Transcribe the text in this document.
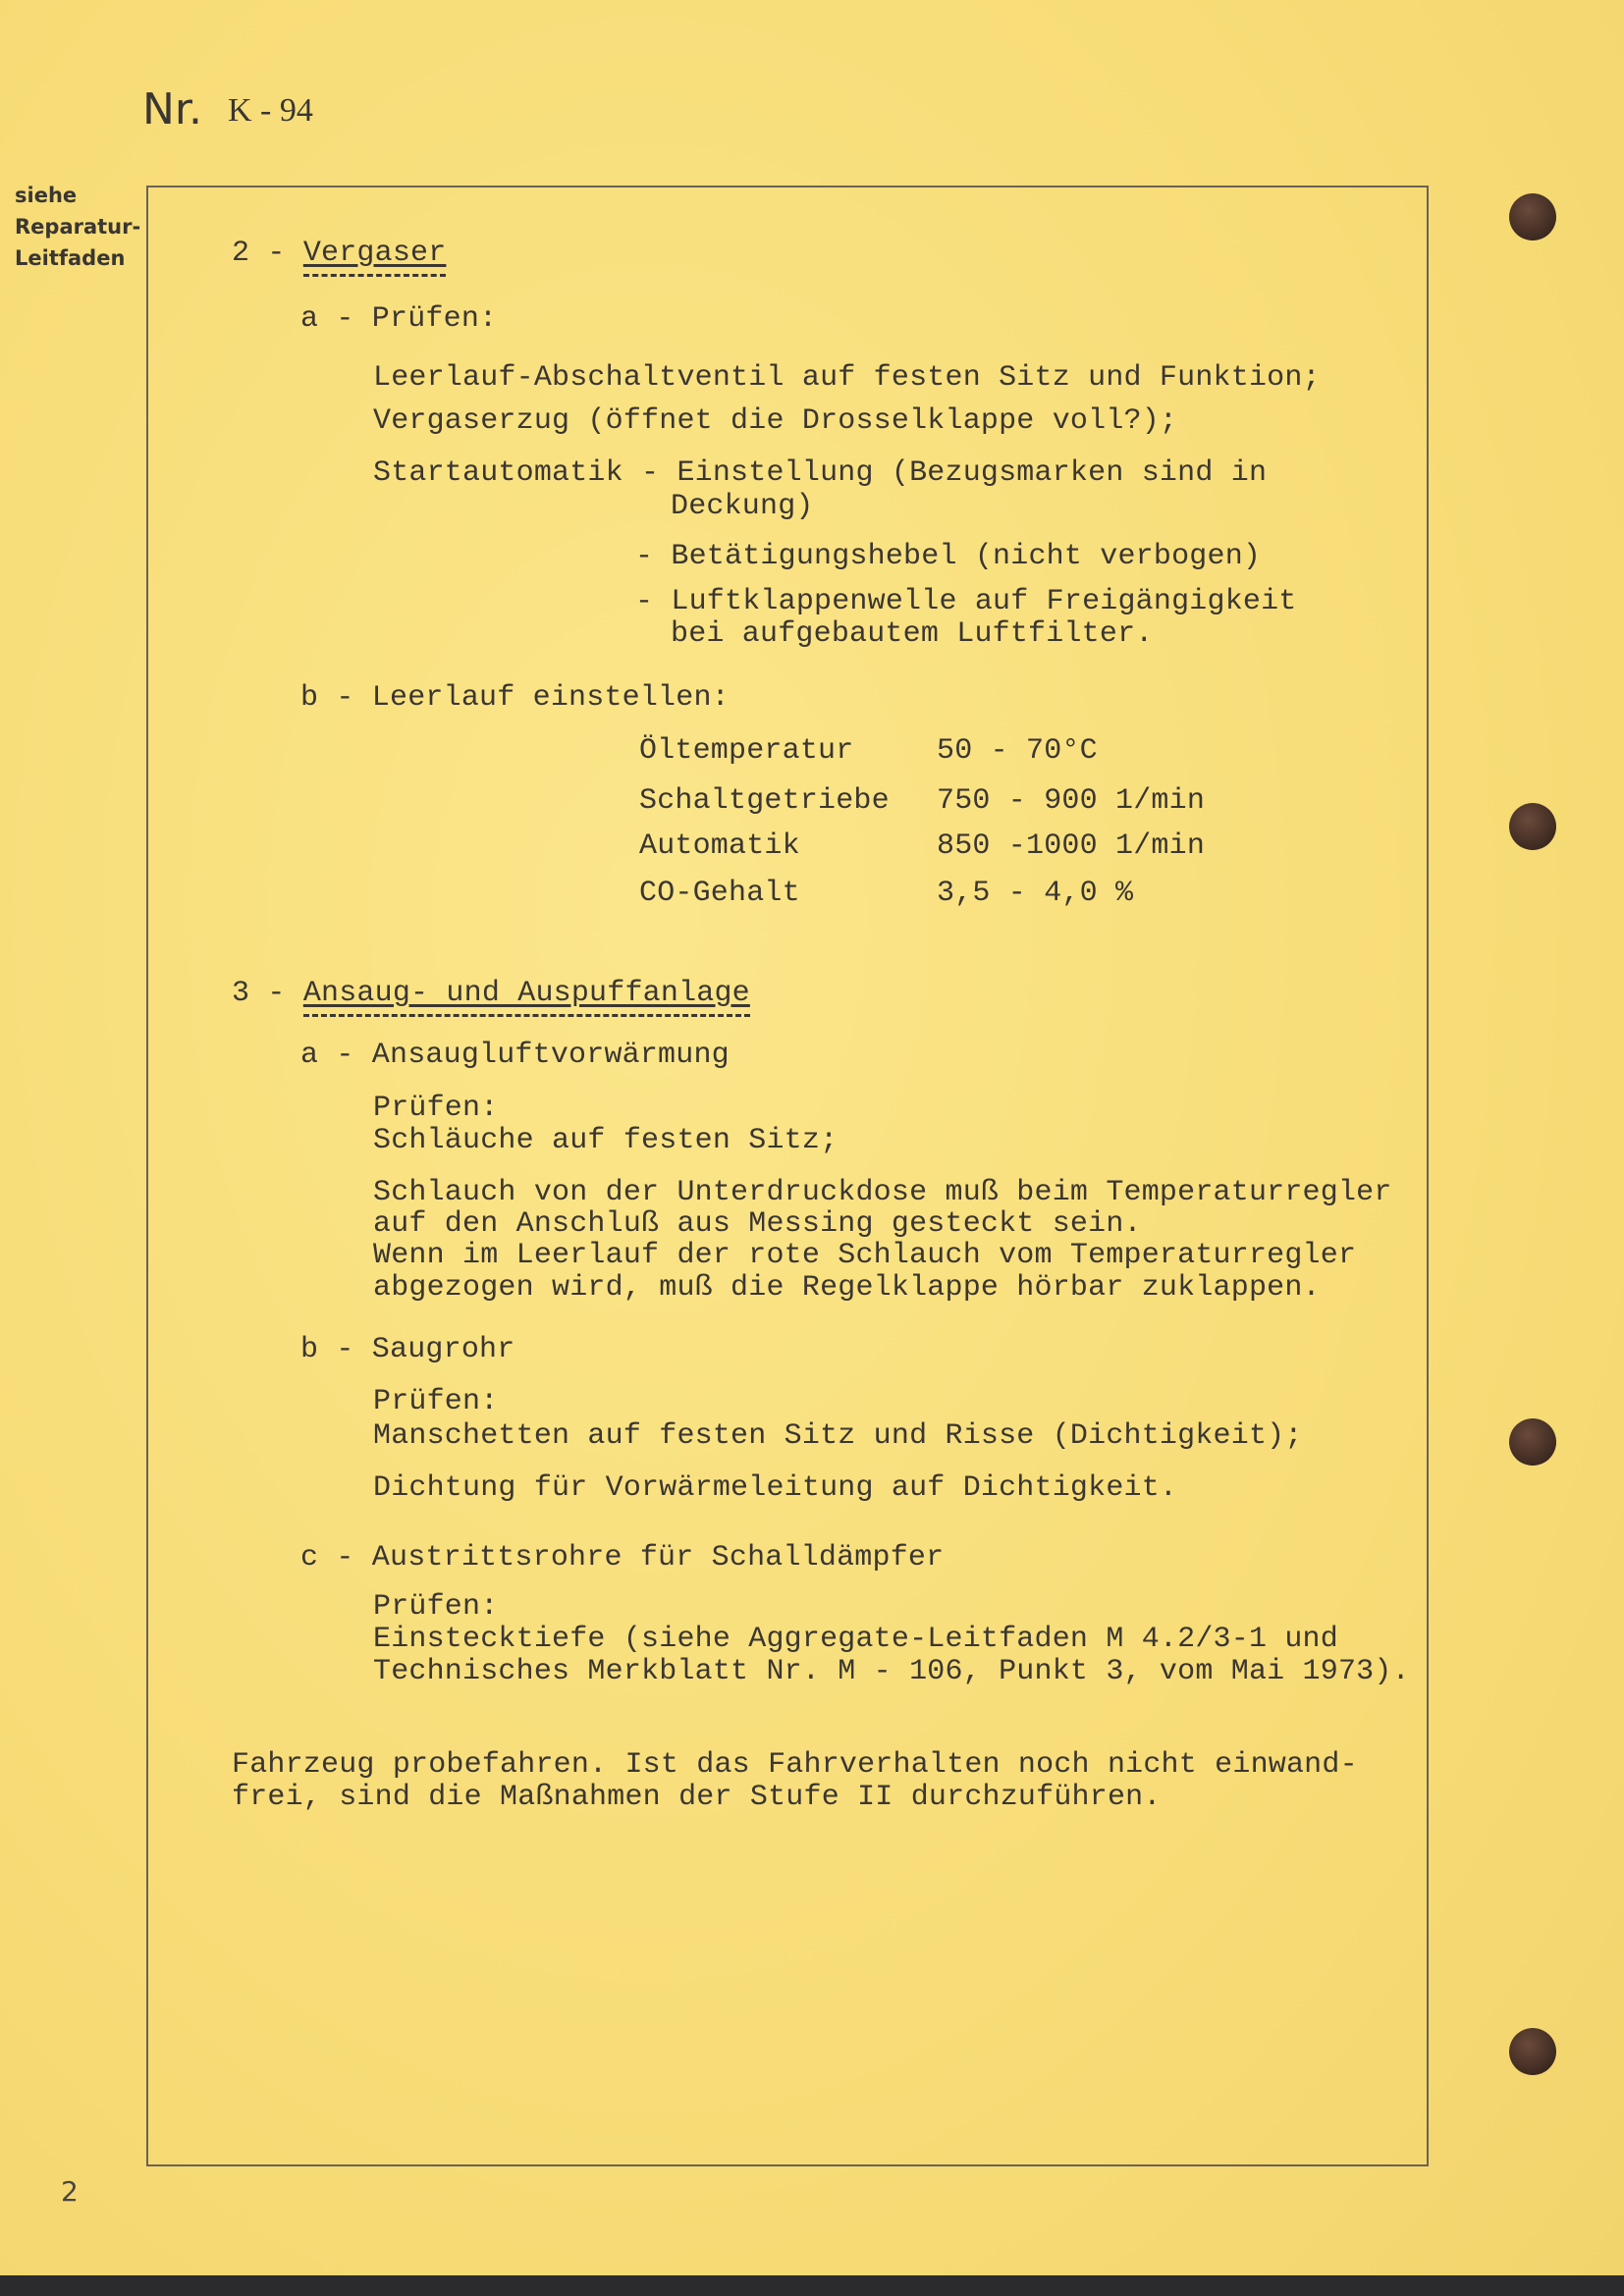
Nr. K - 94
siehe
Reparatur-
Leitfaden	2 - Vergaser
a - Prüfen:
Leerlauf-Abschaltventil auf festen Sitz und Funktion;
Vergaserzug (öffnet die Drosselklappe voll?);
Startautomatik - Einstellung (Bezugsmarken sind in
Deckung)
- Betätigungshebel (nicht verbogen)
- Luftklappenwelle auf Freigängigkeit
bei aufgebautem Luftfilter.
b - Leerlauf einstellen:
Öltemperatur	50 - 70°C
Schaltgetriebe 750 - 900 1/min
Automatik	850 -1000 1/min
CO-Gehalt	3,5 - 4,0 %
3 - Ansaug- und Auspuffanlage
a - Ansaugluftvorwärmung
Prüfen:
Schläuche auf festen Sitz;
Schlauch von der Unterdruckdose muß beim Temperaturregler
auf den Anschluß aus Messing gesteckt sein.
Wenn im Leerlauf der rote Schlauch vom Temperaturregler
abgezogen wird, muß die Regelklappe hörbar zuklappen.
b - Saugrohr
Prüfen:
Manschetten auf festen Sitz und Risse (Dichtigkeit);
Dichtung für Vorwärmeleitung auf Dichtigkeit.
c - Austrittsrohre für Schalldämpfer
Prüfen:
Einstecktiefe (siehe Aggregate-Leitfaden M 4.2/3-1 und
Technisches Merkblatt Nr. M - 106, Punkt 3, vom Mai 1973).
Fahrzeug probefahren. Ist das Fahrverhalten noch nicht einwand-
frei, sind die Maßnahmen der Stufe II durchzuführen.
2
